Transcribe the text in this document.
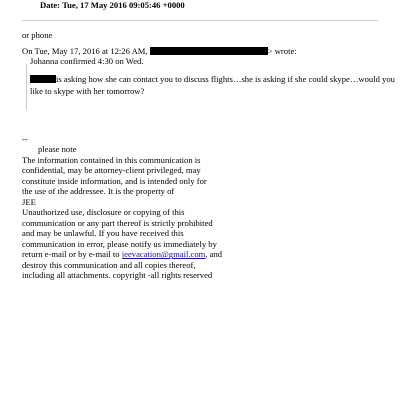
Date: Tue, 17 May 2016 09:05:46 +0000
or phone
On Tue, May 17, 2016 at 12:26 AM,	> wrote:
Johanna confirmed 4:30 on Wed.
is asking how she can contact you to discuss flights…she is asking if she could skype…would you
like to skype with her tomorrow?
--
please note
The information contained in this communication is
confidential, may be attorney-client privileged, may
constitute inside information, and is intended only for
the use of the addressee. It is the property of
JEE
Unauthorized use, disclosure or copying of this
communication or any part thereof is strictly prohibited
and may be unlawful. If you have received this
communication in error, please notify us immediately by
return e-mail or by e-mail to jeevacation@gmail.com, and
destroy this communication and all copies thereof,
including all attachments. copyright -all rights reserved
